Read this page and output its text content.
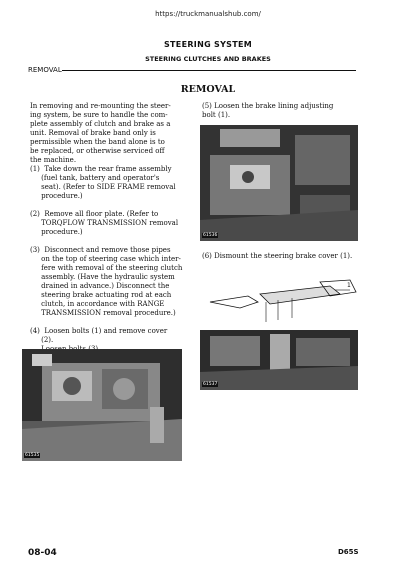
https://truckmanualshub.com/
STEERING SYSTEM
STEERING CLUTCHES AND BRAKES
REMOVAL
REMOVAL
In removing and re-mounting the steer-
ing system, be sure to handle the com-
plete assembly of clutch and brake as a
unit. Removal of brake band only is
permissible when the band alone is to
be replaced, or otherwise serviced off
the machine.
(1)  Take down the rear frame assembly
(fuel tank, battery and operator's
seat). (Refer to SIDE FRAME removal
procedure.)
(2)  Remove all floor plate. (Refer to
TORQFLOW TRANSMISSION removal
procedure.)
(3)  Disconnect and remove those pipes
on the top of steering case which inter-
fere with removal of the steering clutch
assembly. (Have the hydraulic system
drained in advance.) Disconnect the
steering brake actuating rod at each
clutch, in accordance with RANGE
TRANSMISSION removal procedure.)
(4)  Loosen bolts (1) and remove cover
(2).
61535
(5) Loosen the brake lining adjusting
bolt (1).
61536
(6) Dismount the steering brake cover (1).
1
61537
08-04	D65S
